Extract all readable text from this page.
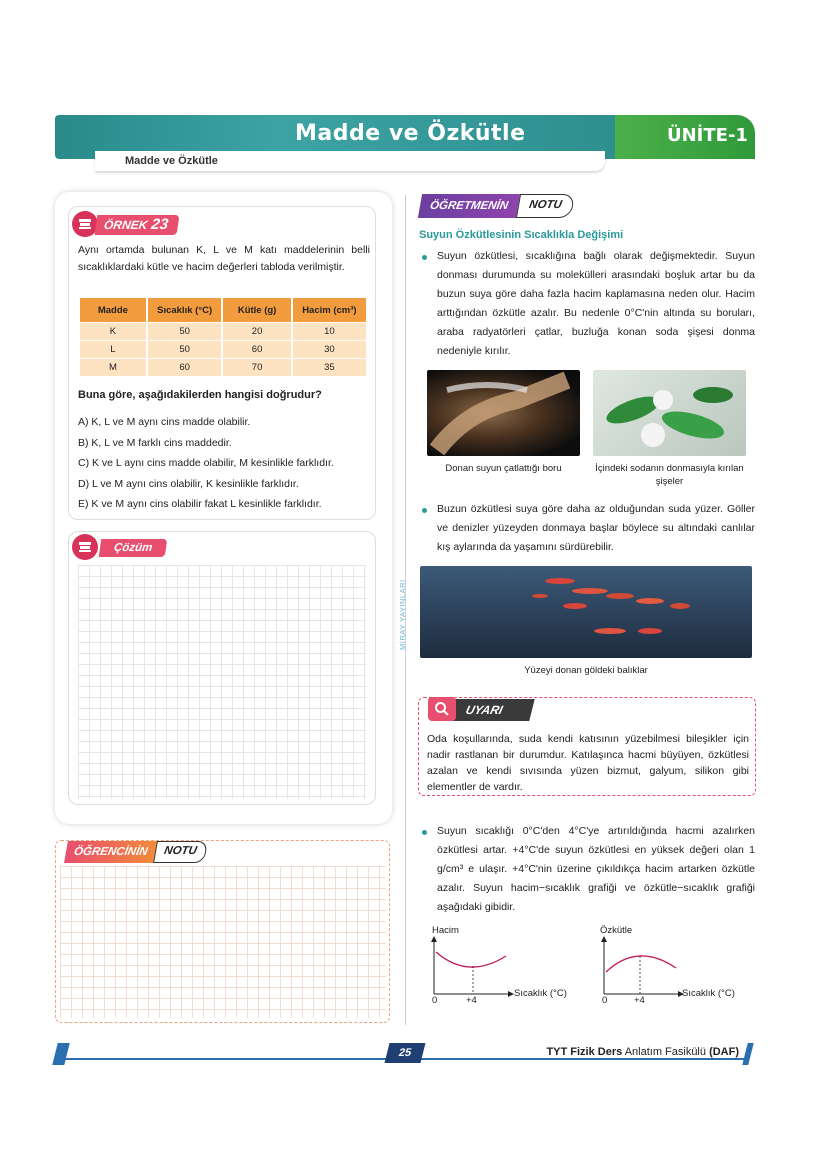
Madde ve Özkütle	ÜNİTE-1
Madde ve Özkütle
ÖRNEK 23
Aynı ortamda bulunan K, L ve M katı maddelerinin belli sıcaklıklardaki kütle ve hacim değerleri tabloda verilmiştir.
Madde	Sıcaklık (°C)	Kütle (g)	Hacim (cm³)
K	50	20	10
L	50	60	30
M	60	70	35
Buna göre, aşağıdakilerden hangisi doğrudur?
A) K, L ve M aynı cins madde olabilir.
B) K, L ve M farklı cins maddedir.
C) K ve L aynı cins madde olabilir, M kesinlikle farklıdır.
D) L ve M aynı cins olabilir, K kesinlikle farklıdır.
E) K ve M aynı cins olabilir fakat L kesinlikle farklıdır.
Çözüm
ÖĞRENCİNİN	NOTU
MİRAY YAYINLARI
ÖĞRETMENİN	NOTU
Suyun Özkütlesinin Sıcaklıkla Değişimi
Suyun özkütlesi, sıcaklığına bağlı olarak değişmektedir. Suyun donması durumunda su molekülleri arasındaki boşluk artar bu da buzun suya göre daha fazla hacim kaplamasına neden olur. Hacim arttığından özkütle azalır. Bu nedenle 0°C'nin altında su boruları, araba radyatörleri çatlar, buzluğa konan soda şişesi donma nedeniyle kırılır.
Donan suyun çatlattığı boru	İçindeki sodanın donmasıyla kırılan şişeler
Buzun özkütlesi suya göre daha az olduğundan suda yüzer. Göller ve denizler yüzeyden donmaya başlar böylece su altındaki canlılar kış aylarında da yaşamını sürdürebilir.
Yüzeyi donan göldeki balıklar
UYARI
Oda koşullarında, suda kendi katısının yüzebilmesi bileşikler için nadir rastlanan bir durumdur. Katılaşınca hacmi büyüyen, özkütlesi azalan ve kendi sıvısında yüzen bizmut, galyum, silikon gibi elementler de vardır.
Suyun sıcaklığı 0°C'den 4°C'ye artırıldığında hacmi azalırken özkütlesi artar. +4°C'de suyun özkütlesi en yüksek değeri olan 1 g/cm³ e ulaşır. +4°C'nin üzerine çıkıldıkça hacim artarken özkütle azalır. Suyun hacim−sıcaklık grafiği ve özkütle−sıcaklık grafiği aşağıdaki gibidir.
Hacim
0	+4
Sıcaklık (°C)
Özkütle
0	+4
Sıcaklık (°C)
25	TYT Fizik Ders Anlatım Fasikülü (DAF)
